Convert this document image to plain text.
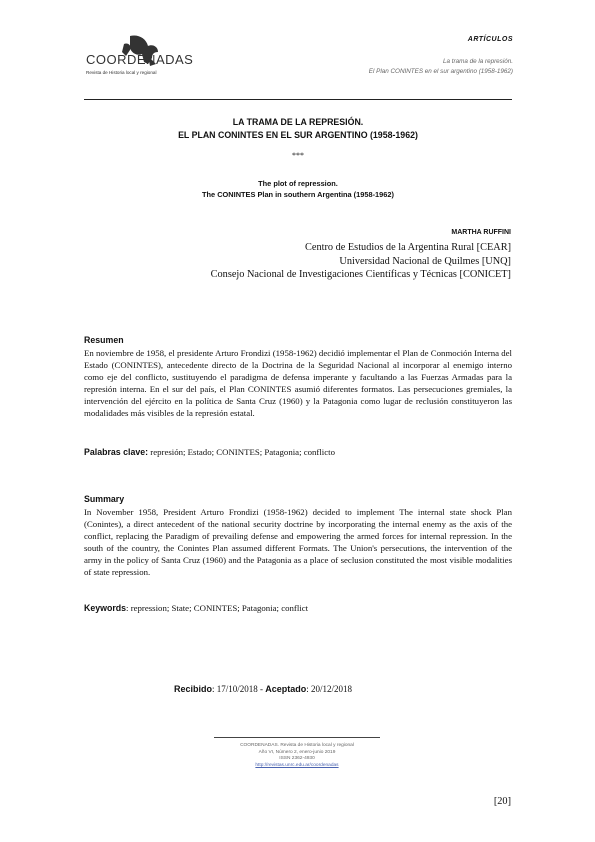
COORDENADAS
Revista de Historia local y regional
ARTÍCULOS
La trama de la represión.
El Plan CONINTES en el sur argentino (1958-1962)
LA TRAMA DE LA REPRESIÓN.
EL PLAN CONINTES EN EL SUR ARGENTINO (1958-1962)
***
The plot of repression.
The CONINTES Plan in southern Argentina (1958-1962)
MARTHA RUFFINI
Centro de Estudios de la Argentina Rural [CEAR]
Universidad Nacional de Quilmes [UNQ]
Consejo Nacional de Investigaciones Científicas y Técnicas [CONICET]
Resumen
En noviembre de 1958, el presidente Arturo Frondizi (1958-1962) decidió implementar el Plan de Conmoción Interna del Estado (CONINTES), antecedente directo de la Doctrina de la Seguridad Nacional al incorporar al enemigo interno como eje del conflicto, sustituyendo el paradigma de defensa imperante y facultando a las Fuerzas Armadas para la represión interna. En el sur del país, el Plan CONINTES asumió diferentes formatos. Las persecuciones gremiales, la intervención del ejército en la política de Santa Cruz (1960) y la Patagonia como lugar de reclusión constituyeron las modalidades más visibles de la represión estatal.
Palabras clave: represión; Estado; CONINTES; Patagonia; conflicto
Summary
In November 1958, President Arturo Frondizi (1958-1962) decided to implement The internal state shock Plan (Conintes), a direct antecedent of the national security doctrine by incorporating the internal enemy as the axis of the conflict, replacing the Paradigm of prevailing defense and empowering the armed forces for internal repression. In the south of the country, the Conintes Plan assumed different Formats. The Union's persecutions, the intervention of the army in the policy of Santa Cruz (1960) and the Patagonia as a place of seclusion constituted the most visible modalities of state repression.
Keywords: repression; State; CONINTES; Patagonia; conflict
Recibido: 17/10/2018 - Aceptado: 20/12/2018
COORDENADAS. Revista de Historia local y regional
Año VI, Número 2, enero-junio 2019
ISSN 2362-4930
http://revistas.unrc.edu.ar/coordenadas
[20]
